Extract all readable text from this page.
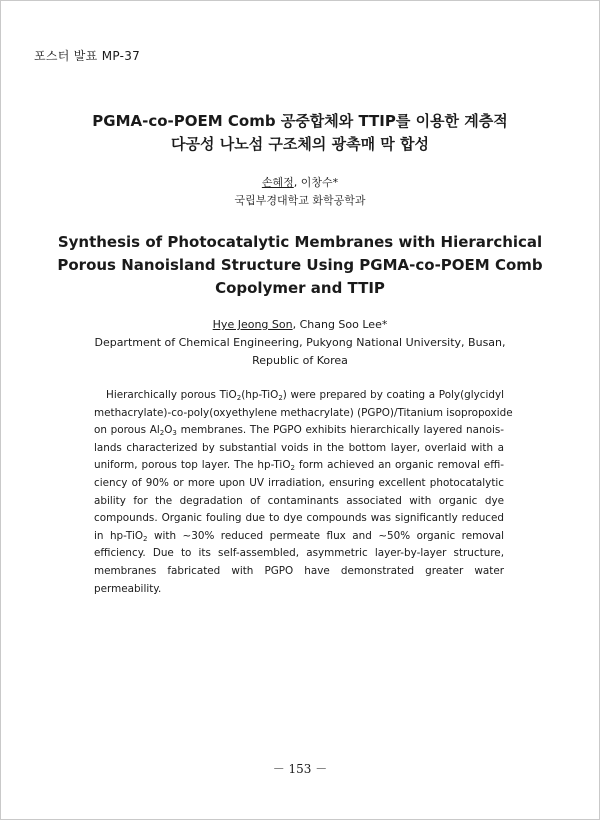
포스터 발표 MP-37
PGMA-co-POEM Comb 공중합체와 TTIP를 이용한 계층적
다공성 나노섬 구조체의 광촉매 막 합성
손혜정, 이창수*
국립부경대학교 화학공학과
Synthesis of Photocatalytic Membranes with Hierarchical
Porous Nanoisland Structure Using PGMA-co-POEM Comb
Copolymer and TTIP
Hye Jeong Son, Chang Soo Lee*
Department of Chemical Engineering, Pukyong National University, Busan,
Republic of Korea
Hierarchically porous TiO$_2$(hp-TiO$_2$) were prepared by coating a Poly(glycidyl
methacrylate)-co-poly(oxyethylene methacrylate) (PGPO)/Titanium isopropoxide
on porous $Al_2O_3$ membranes. The PGPO exhibits hierarchically layered nanois-
lands characterized by substantial voids in the bottom layer, overlaid with a
uniform, porous top layer. The hp-TiO$_2$ form achieved an organic removal effi-
ciency of 90% or more upon UV irradiation, ensuring excellent photocatalytic
ability for the degradation of contaminants associated with organic dye
compounds. Organic fouling due to dye compounds was significantly reduced
in hp-TiO$_2$ with ~30% reduced permeate flux and ~50% organic removal
efficiency. Due to its self-assembled, asymmetric layer-by-layer structure,
membranes fabricated with PGPO have demonstrated greater water
permeability.
－ 153 －
